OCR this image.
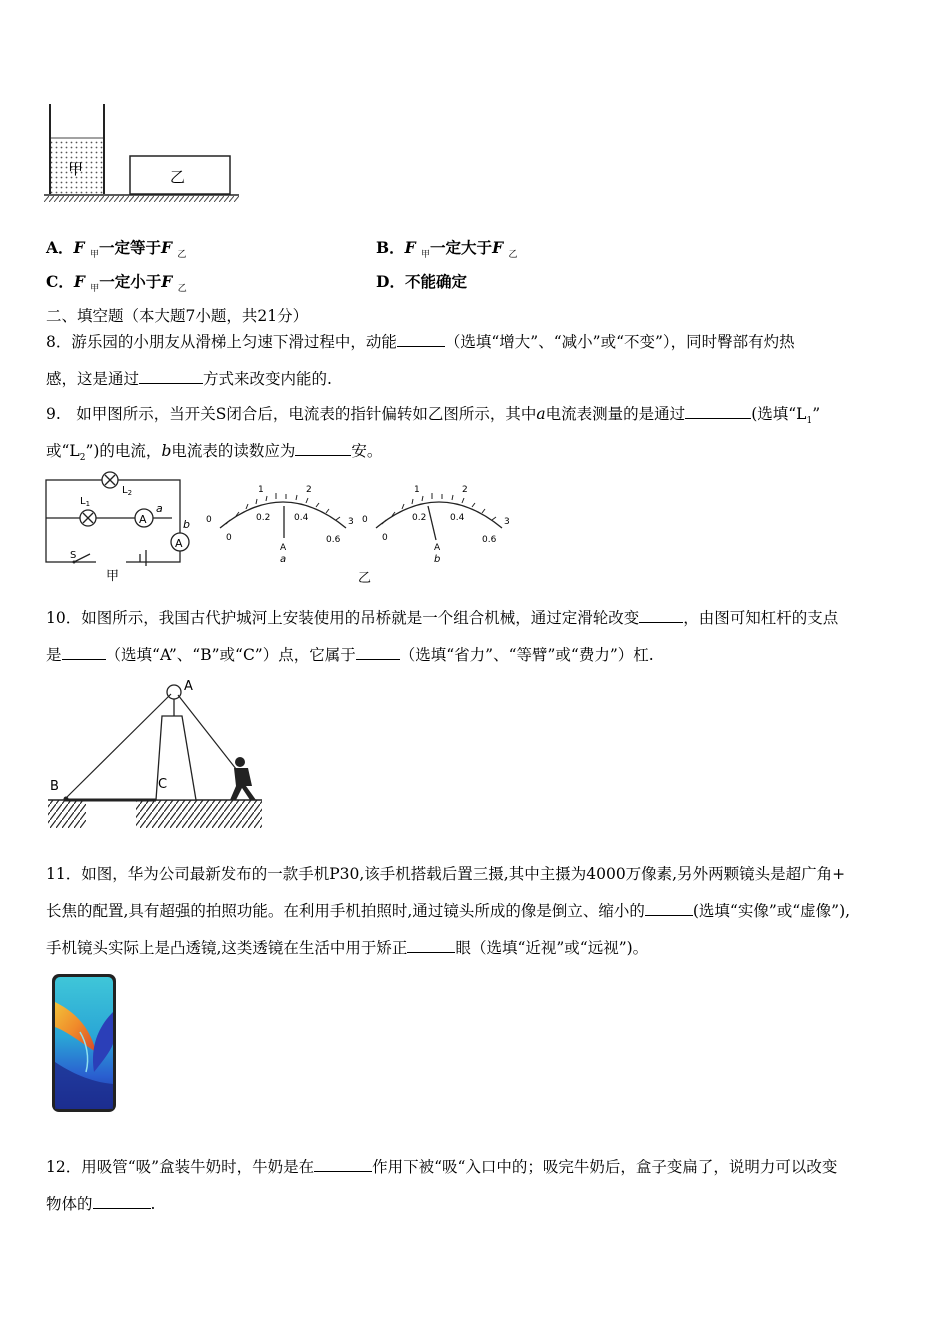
甲	乙
A．F $_甲$一定等于F $_乙$	B．F $_甲$一定大于F $_乙$
C．F $_甲$一定小于F $_乙$	D．不能确定
二、填空题（本大题7小题，共21分）
8．游乐园的小朋友从滑梯上匀速下滑过程中，动能	（选填“增大”、“减小”或“不变”），同时臀部有灼热
感，这是通过	方式来改变内能的.
9.　如甲图所示，当开关S闭合后，电流表的指针偏转如乙图所示，其中a电流表测量的是通过	(选填“$L_1$”
或“$L_2$”)的电流，b电流表的读数应为	安。
A
A
$L_1$
$L_2$
a
b
S
甲
0
1	2
3
0
0.2	0.4
0.6
A
a
0
1	2
3
0
0.2	0.4
0.6
A
b
乙
10．如图所示，我国古代护城河上安装使用的吊桥就是一个组合机械，通过定滑轮改变	，由图可知杠杆的支点
是	（选填“A”、“B”或“C”）点，它属于	（选填“省力”、“等臂”或“费力”）杠.
A
B	C
11．如图，华为公司最新发布的一款手机P30,该手机搭载后置三摄,其中主摄为4000万像素,另外两颗镜头是超广角+
长焦的配置,具有超强的拍照功能。在利用手机拍照时,通过镜头所成的像是倒立、缩小的	(选填“实像”或“虚像”),
手机镜头实际上是凸透镜,这类透镜在生活中用于矫正	眼（选填“近视”或“远视”)。
12．用吸管“吸”盒装牛奶时，牛奶是在	作用下被“吸“入口中的；吸完牛奶后，盒子变扁了，说明力可以改变
物体的	.
